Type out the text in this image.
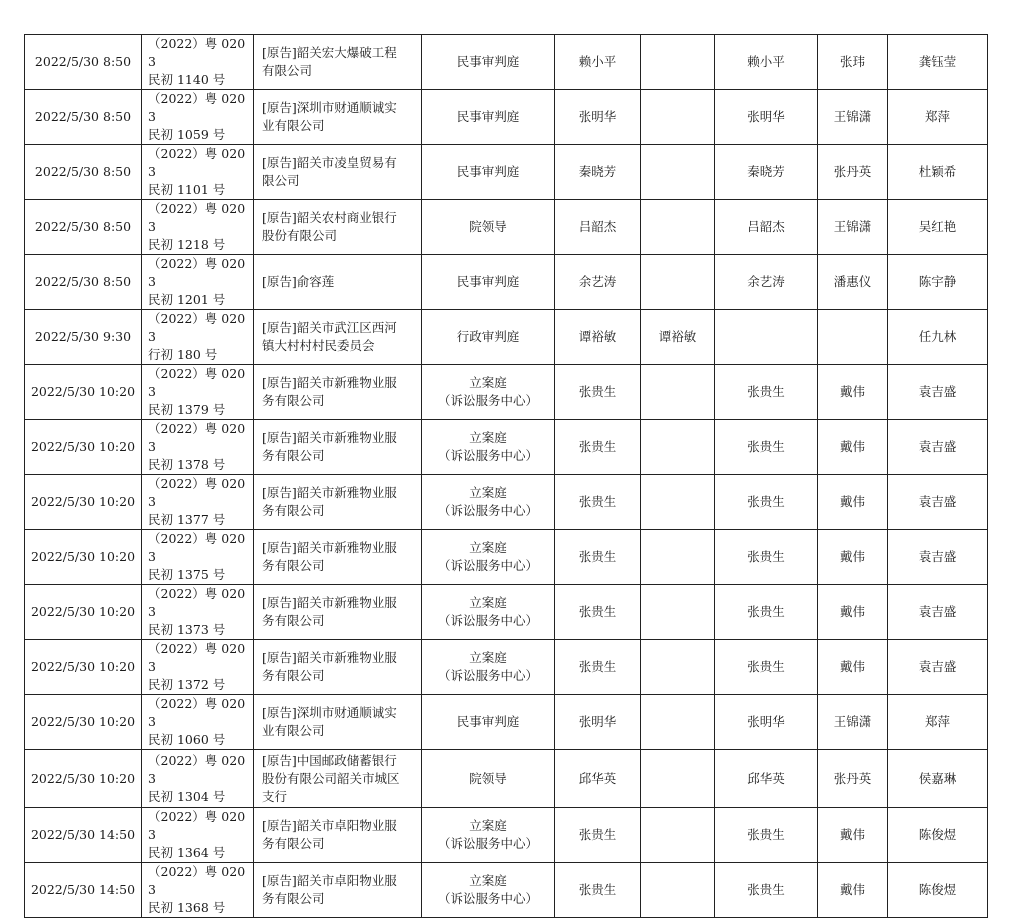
2022/5/30 8:50	（2022）粤 0203
民初 1140 号	[原告]韶关宏大爆破工程
有限公司	民事审判庭	赖小平		赖小平	张玮	龚钰莹
2022/5/30 8:50	（2022）粤 0203
民初 1059 号	[原告]深圳市财通顺诚实
业有限公司	民事审判庭	张明华		张明华	王锦潇	郑萍
2022/5/30 8:50	（2022）粤 0203
民初 1101 号	[原告]韶关市凌皇贸易有
限公司	民事审判庭	秦晓芳		秦晓芳	张丹英	杜颖希
2022/5/30 8:50	（2022）粤 0203
民初 1218 号	[原告]韶关农村商业银行
股份有限公司	院领导	吕韶杰		吕韶杰	王锦潇	吴红艳
2022/5/30 8:50	（2022）粤 0203
民初 1201 号	[原告]俞容莲	民事审判庭	余艺涛		余艺涛	潘惠仪	陈宇静
2022/5/30 9:30	（2022）粤 0203
行初 180 号	[原告]韶关市武江区西河
镇大村村村民委员会	行政审判庭	谭裕敏	谭裕敏			任九林
2022/5/30 10:20	（2022）粤 0203
民初 1379 号	[原告]韶关市新雅物业服
务有限公司	立案庭
（诉讼服务中心）	张贵生		张贵生	戴伟	袁吉盛
2022/5/30 10:20	（2022）粤 0203
民初 1378 号	[原告]韶关市新雅物业服
务有限公司	立案庭
（诉讼服务中心）	张贵生		张贵生	戴伟	袁吉盛
2022/5/30 10:20	（2022）粤 0203
民初 1377 号	[原告]韶关市新雅物业服
务有限公司	立案庭
（诉讼服务中心）	张贵生		张贵生	戴伟	袁吉盛
2022/5/30 10:20	（2022）粤 0203
民初 1375 号	[原告]韶关市新雅物业服
务有限公司	立案庭
（诉讼服务中心）	张贵生		张贵生	戴伟	袁吉盛
2022/5/30 10:20	（2022）粤 0203
民初 1373 号	[原告]韶关市新雅物业服
务有限公司	立案庭
（诉讼服务中心）	张贵生		张贵生	戴伟	袁吉盛
2022/5/30 10:20	（2022）粤 0203
民初 1372 号	[原告]韶关市新雅物业服
务有限公司	立案庭
（诉讼服务中心）	张贵生		张贵生	戴伟	袁吉盛
2022/5/30 10:20	（2022）粤 0203
民初 1060 号	[原告]深圳市财通顺诚实
业有限公司	民事审判庭	张明华		张明华	王锦潇	郑萍
2022/5/30 10:20	（2022）粤 0203
民初 1304 号	[原告]中国邮政储蓄银行
股份有限公司韶关市城区
支行	院领导	邱华英		邱华英	张丹英	侯嘉琳
2022/5/30 14:50	（2022）粤 0203
民初 1364 号	[原告]韶关市卓阳物业服
务有限公司	立案庭
（诉讼服务中心）	张贵生		张贵生	戴伟	陈俊煜
2022/5/30 14:50	（2022）粤 0203
民初 1368 号	[原告]韶关市卓阳物业服
务有限公司	立案庭
（诉讼服务中心）	张贵生		张贵生	戴伟	陈俊煜
